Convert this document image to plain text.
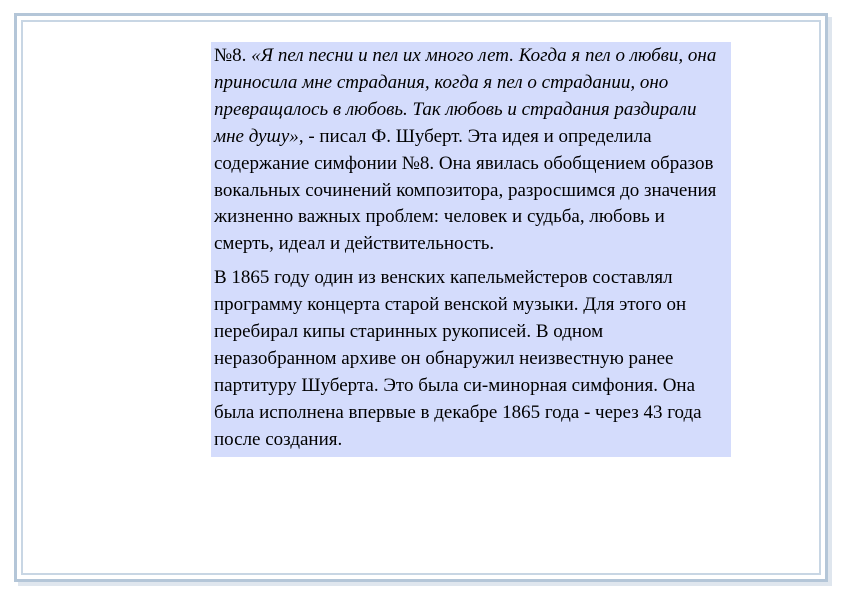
№8. «Я пел песни и пел их много лет. Когда я пел о любви, она приносила мне страдания, когда я пел о страдании, оно превращалось в любовь. Так любовь и страдания раздирали мне душу», - писал Ф. Шуберт. Эта идея и определила содержание симфонии №8. Она явилась обобщением образов вокальных сочинений композитора, разросшимся до значения жизненно важных проблем: человек и судьба, любовь и смерть, идеал и действительность.

В 1865 году один из венских капельмейстеров составлял программу концерта старой венской музыки. Для этого он перебирал кипы старинных рукописей. В одном неразобранном архиве он обнаружил неизвестную ранее партитуру Шуберта. Это была си-минорная симфония. Она была исполнена впервые в декабре 1865 года - через 43 года после создания.
